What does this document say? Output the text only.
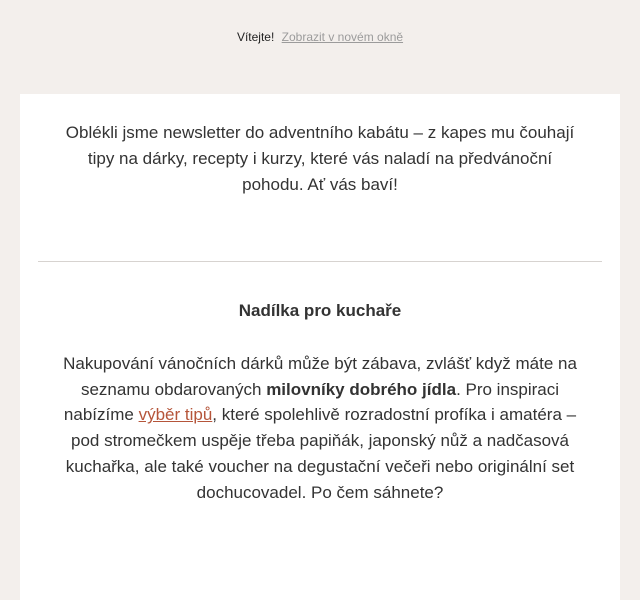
Vítejte! Zobrazit v novém okně
Oblékli jsme newsletter do adventního kabátu – z kapes mu čouhají tipy na dárky, recepty i kurzy, které vás naladí na předvánoční pohodu. Ať vás baví!
Nadílka pro kuchaře

Nakupování vánočních dárků může být zábava, zvlášť když máte na seznamu obdarovaných milovníky dobrého jídla. Pro inspiraci nabízíme výběr tipů, které spolehlivě rozradostní profíka i amatéra – pod stromečkem uspěje třeba papiňák, japonský nůž a nadčasová kuchařka, ale také voucher na degustační večeři nebo originální set dochucovadel. Po čem sáhnete?
